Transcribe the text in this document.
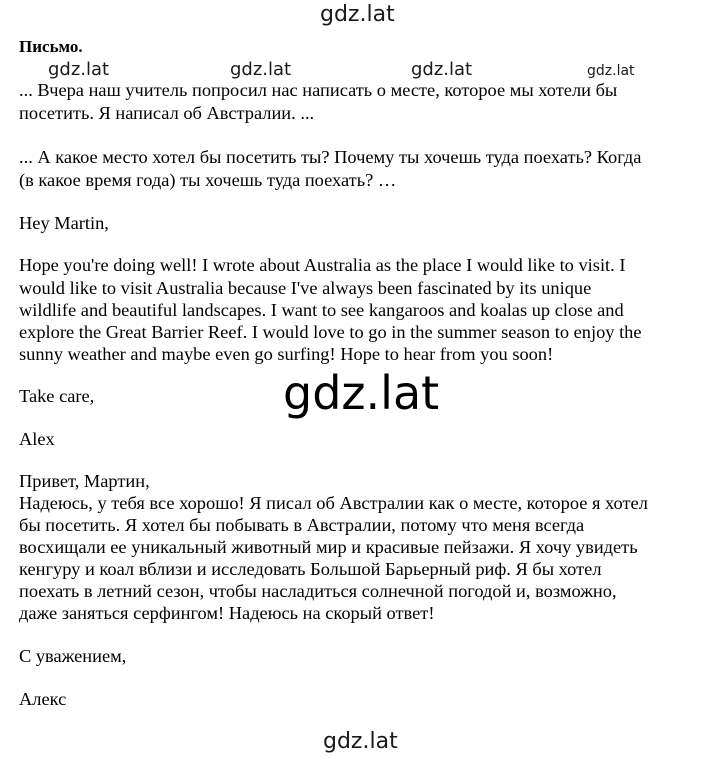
gdz.lat
Письмо.
gdz.lat	gdz.lat	gdz.lat	gdz.lat
... Вчера наш учитель попросил нас написать о месте, которое мы хотели бы
посетить. Я написал об Австралии. ...
... А какое место хотел бы посетить ты? Почему ты хочешь туда поехать? Когда
(в какое время года) ты хочешь туда поехать? …
Hey Martin,
Hope you're doing well! I wrote about Australia as the place I would like to visit. I
would like to visit Australia because I've always been fascinated by its unique
wildlife and beautiful landscapes. I want to see kangaroos and koalas up close and
explore the Great Barrier Reef. I would love to go in the summer season to enjoy the
sunny weather and maybe even go surfing! Hope to hear from you soon!
Take care,	gdz.lat
Alex
Привет, Мартин,
Надеюсь, у тебя все хорошо! Я писал об Австралии как о месте, которое я хотел
бы посетить. Я хотел бы побывать в Австралии, потому что меня всегда
восхищали ее уникальный животный мир и красивые пейзажи. Я хочу увидеть
кенгуру и коал вблизи и исследовать Большой Барьерный риф. Я бы хотел
поехать в летний сезон, чтобы насладиться солнечной погодой и, возможно,
даже заняться серфингом! Надеюсь на скорый ответ!
С уважением,
Алекс
gdz.lat
